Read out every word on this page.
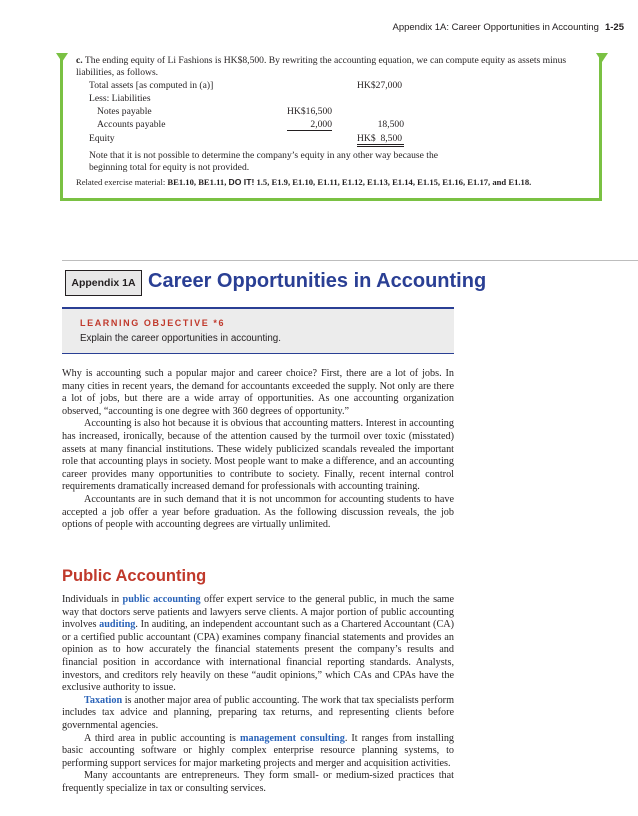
Appendix 1A: Career Opportunities in Accounting 1-25
c. The ending equity of Li Fashions is HK$8,500. By rewriting the accounting equation, we can compute equity as assets minus liabilities, as follows.
Total assets [as computed in (a)]	HK$27,000
Less: Liabilities
Notes payable	HK$16,500
Accounts payable	2,000	18,500
Equity	HK$  8,500
Note that it is not possible to determine the company’s equity in any other way because the beginning total for equity is not provided.
Related exercise material: BE1.10, BE1.11, DO IT! 1.5, E1.9, E1.10, E1.11, E1.12, E1.13, E1.14, E1.15, E1.16, E1.17, and E1.18.
Appendix
1A Career Opportunities in Accounting
LEARNING OBJECTIVE *6
Explain the career opportunities in accounting.

Why is accounting such a popular major and career choice? First, there are a lot of jobs. In many cities in recent years, the demand for accountants exceeded the supply. Not only are there a lot of jobs, but there are a wide array of opportunities. As one accounting organization observed, “accounting is one degree with 360 degrees of opportunity.”

Accounting is also hot because it is obvious that accounting matters. Interest in accounting has increased, ironically, because of the attention caused by the turmoil over toxic (misstated) assets at many financial institutions. These widely publicized scandals revealed the important role that accounting plays in society. Most people want to make a difference, and an accounting career provides many opportunities to contribute to society. Finally, recent internal control requirements dramatically increased demand for professionals with accounting training.

Accountants are in such demand that it is not uncommon for accounting students to have accepted a job offer a year before graduation. As the following discussion reveals, the job options of people with accounting degrees are virtually unlimited.

Public Accounting

Individuals in public accounting offer expert service to the general public, in much the same way that doctors serve patients and lawyers serve clients. A major portion of public accounting involves auditing. In auditing, an independent accountant such as a Chartered Accountant (CA) or a certified public accountant (CPA) examines company financial statements and provides an opinion as to how accurately the financial statements present the company’s results and financial position in accordance with international financial reporting standards. Analysts, investors, and creditors rely heavily on these “audit opinions,” which CAs and CPAs have the exclusive authority to issue.

Taxation is another major area of public accounting. The work that tax specialists perform includes tax advice and planning, preparing tax returns, and representing clients before governmental agencies.

A third area in public accounting is management consulting. It ranges from installing basic accounting software or highly complex enterprise resource planning systems, to performing support services for major marketing projects and merger and acquisition activities.

Many accountants are entrepreneurs. They form small- or medium-sized practices that frequently specialize in tax or consulting services.
